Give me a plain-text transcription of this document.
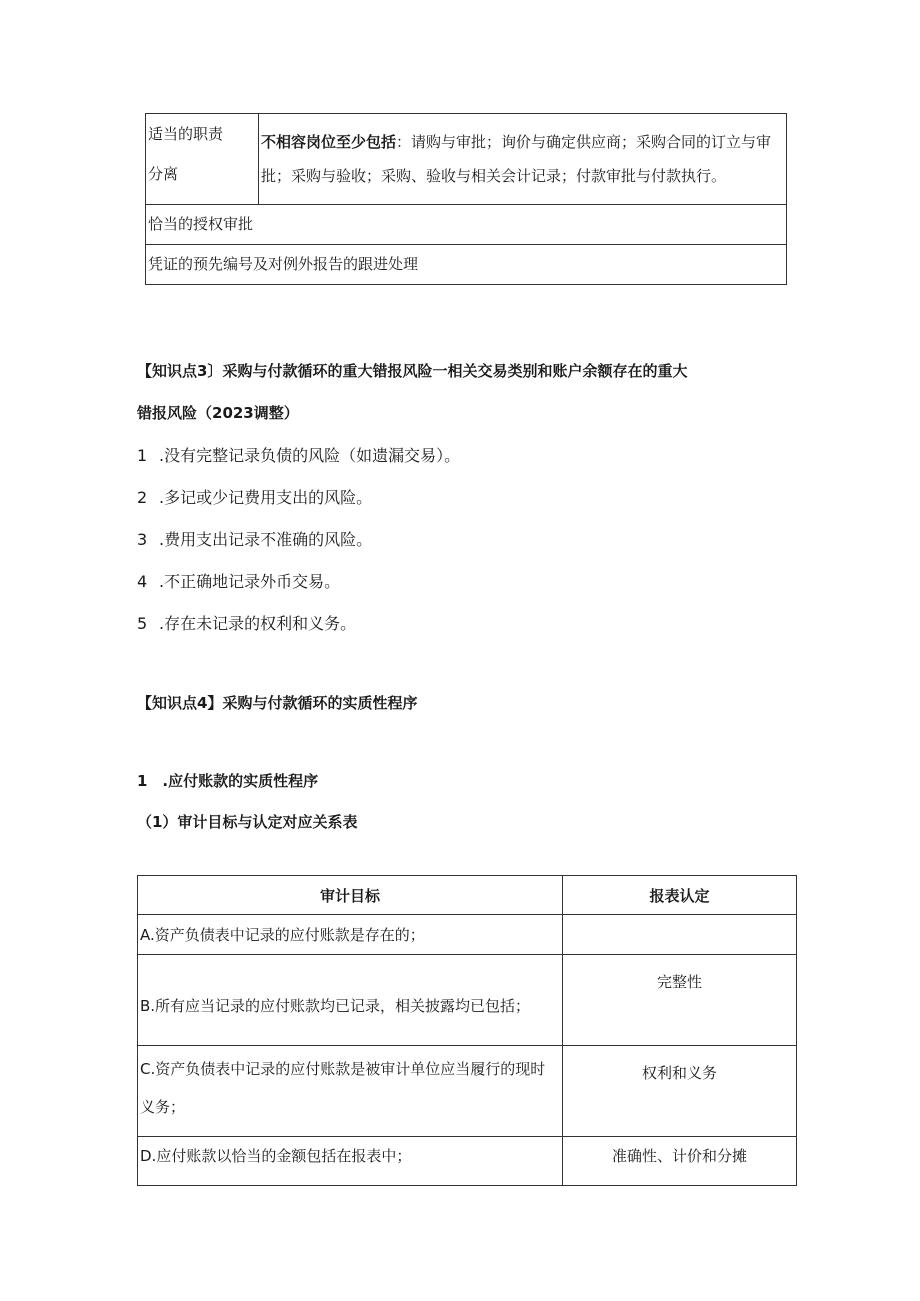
适当的职责
分离
	不相容岗位至少包括：请购与审批；询价与确定供应商；采购合同的订立与审批；采购与验收；采购、验收与相关会计记录；付款审批与付款执行。
恰当的授权审批
凭证的预先编号及对例外报告的跟进处理
【知识点3〕采购与付款循环的重大错报风险一相关交易类别和账户余额存在的重大
错报风险（2023调整）
1 .没有完整记录负债的风险（如遗漏交易）。
2 .多记或少记费用支出的风险。
3 .费用支出记录不准确的风险。
4 .不正确地记录外币交易。
5 .存在未记录的权利和义务。
【知识点4】采购与付款循环的实质性程序
1　.应付账款的实质性程序
（1）审计目标与认定对应关系表
审计目标	报表认定
A.资产负债表中记录的应付账款是存在的；	
B.所有应当记录的应付账款均已记录，相关披露均已包括；	完整性
C.资产负债表中记录的应付账款是被审计单位应当履行的现时义务；	权利和义务
D.应付账款以恰当的金额包括在报表中；	准确性、计价和分摊
